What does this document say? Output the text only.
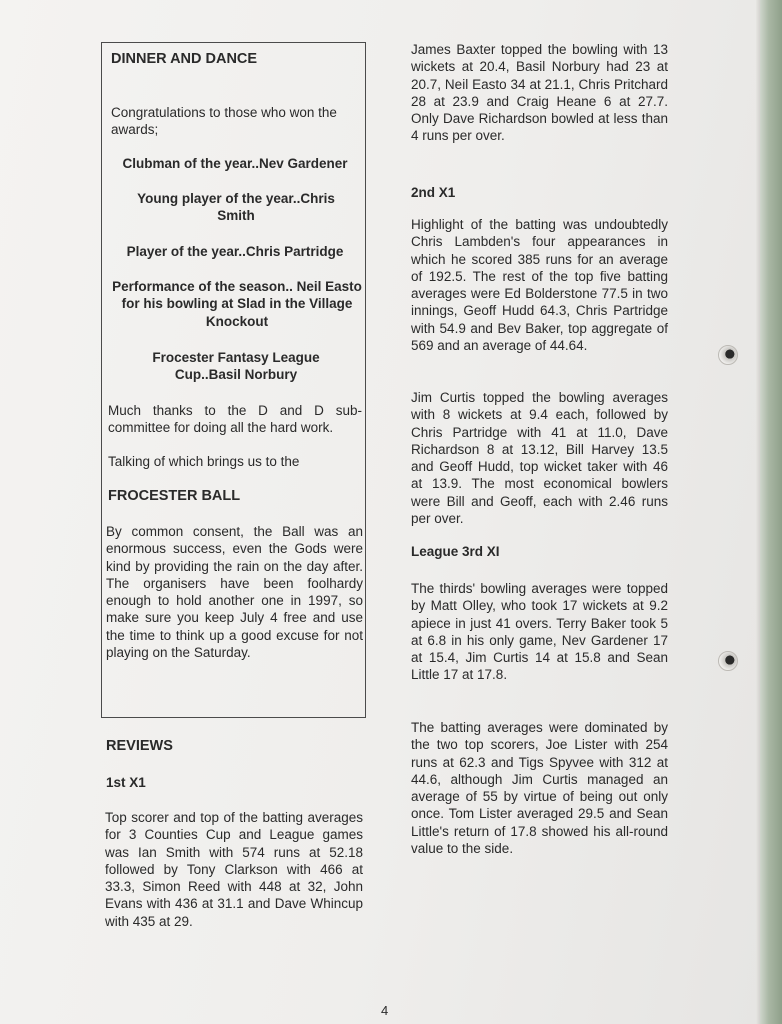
DINNER AND DANCE

Congratulations to those who won the awards;

Clubman of the year..Nev Gardener

Young player of the year..Chris Smith

Player of the year..Chris Partridge

Performance of the season.. Neil Easto for his bowling at Slad in the Village Knockout

Frocester Fantasy League Cup..Basil Norbury

Much thanks to the D and D sub-committee for doing all the hard work.

Talking of which brings us to the

FROCESTER BALL

By common consent, the Ball was an enormous success, even the Gods were kind by providing the rain on the day after. The organisers have been foolhardy enough to hold another one in 1997, so make sure you keep July 4 free and use the time to think up a good excuse for not playing on the Saturday.

REVIEWS

1st X1

Top scorer and top of the batting averages for 3 Counties Cup and League games was Ian Smith with 574 runs at 52.18 followed by Tony Clarkson with 466 at 33.3, Simon Reed with 448 at 32, John Evans with 436 at 31.1 and Dave Whincup with 435 at 29.

James Baxter topped the bowling with 13 wickets at 20.4, Basil Norbury had 23 at 20.7, Neil Easto 34 at 21.1, Chris Pritchard 28 at 23.9 and Craig Heane 6 at 27.7. Only Dave Richardson bowled at less than 4 runs per over.

2nd X1

Highlight of the batting was undoubtedly Chris Lambden's four appearances in which he scored 385 runs for an average of 192.5. The rest of the top five batting averages were Ed Bolderstone 77.5 in two innings, Geoff Hudd 64.3, Chris Partridge with 54.9 and Bev Baker, top aggregate of 569 and an average of 44.64.

Jim Curtis topped the bowling averages with 8 wickets at 9.4 each, followed by Chris Partridge with 41 at 11.0, Dave Richardson 8 at 13.12, Bill Harvey 13.5 and Geoff Hudd, top wicket taker with 46 at 13.9. The most economical bowlers were Bill and Geoff, each with 2.46 runs per over.

League 3rd XI

The thirds' bowling averages were topped by Matt Olley, who took 17 wickets at 9.2 apiece in just 41 overs. Terry Baker took 5 at 6.8 in his only game, Nev Gardener 17 at 15.4, Jim Curtis 14 at 15.8 and Sean Little 17 at 17.8.

The batting averages were dominated by the two top scorers, Joe Lister with 254 runs at 62.3 and Tigs Spyvee with 312 at 44.6, although Jim Curtis managed an average of 55 by virtue of being out only once. Tom Lister averaged 29.5 and Sean Little's return of 17.8 showed his all-round value to the side.

4
